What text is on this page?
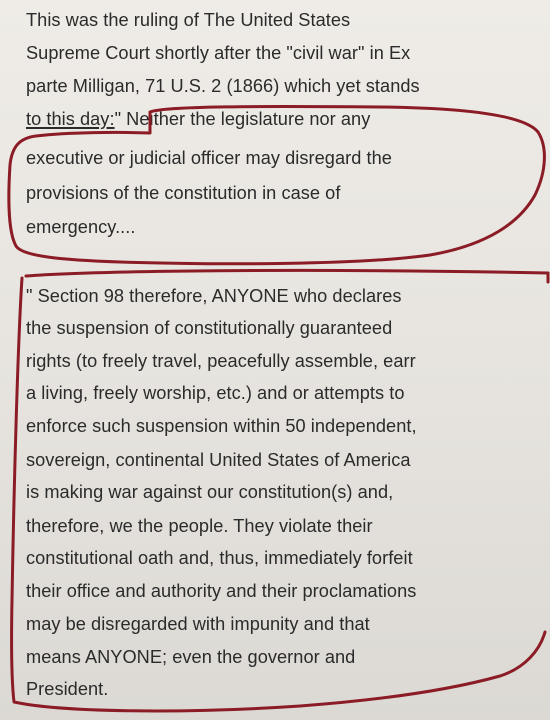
This was the ruling of The United States
Supreme Court shortly after the "civil war" in Ex
parte Milligan, 71 U.S. 2 (1866) which yet stands
to this day:" Neither the legislature nor any
executive or judicial officer may disregard the
provisions of the constitution in case of
emergency....
" Section 98 therefore, ANYONE who declares
the suspension of constitutionally guaranteed
rights (to freely travel, peacefully assemble, earr
a living, freely worship, etc.) and or attempts to
enforce such suspension within 50 independent,
sovereign, continental United States of America
is making war against our constitution(s) and,
therefore, we the people. They violate their
constitutional oath and, thus, immediately forfeit
their office and authority and their proclamations
may be disregarded with impunity and that
means ANYONE; even the governor and
President.
